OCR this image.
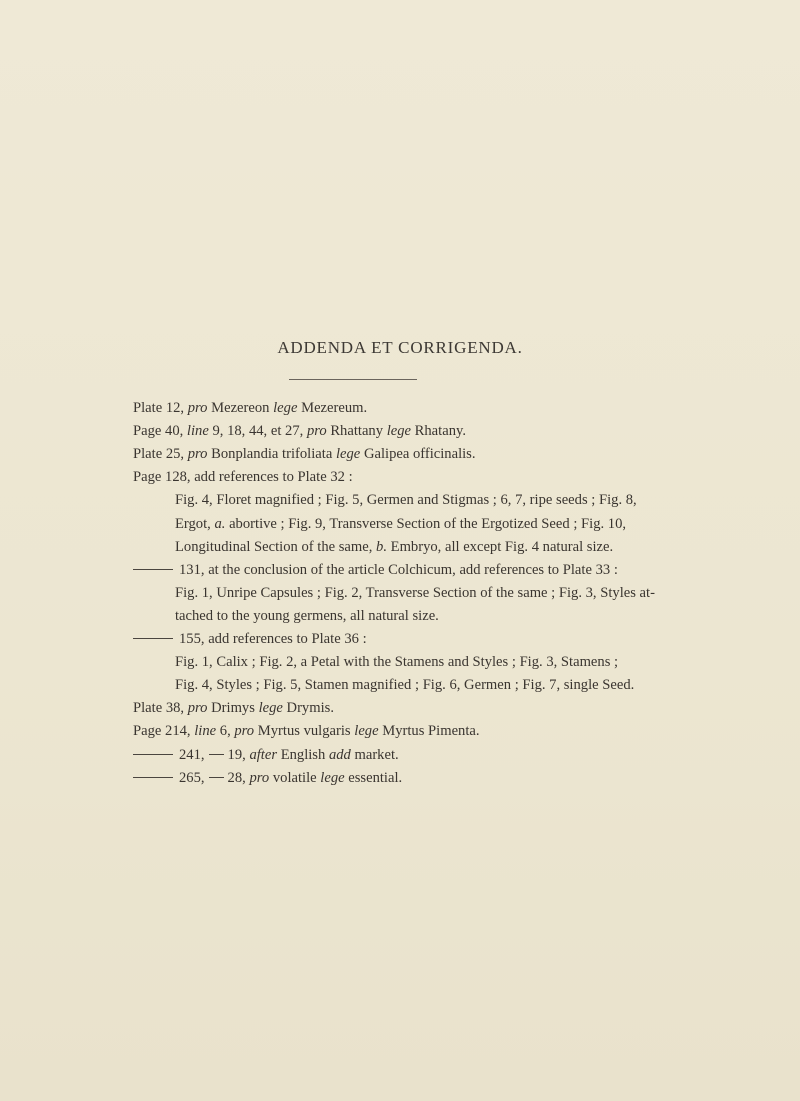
ADDENDA ET CORRIGENDA.
Plate 12, pro Mezereon lege Mezereum.
Page 40, line 9, 18, 44, et 27, pro Rhattany lege Rhatany.
Plate 25, pro Bonplandia trifoliata lege Galipea officinalis.
Page 128, add references to Plate 32 :
Fig. 4, Floret magnified ; Fig. 5, Germen and Stigmas ; 6, 7, ripe seeds ; Fig. 8,
Ergot, a. abortive ; Fig. 9, Transverse Section of the Ergotized Seed ; Fig. 10,
Longitudinal Section of the same, b. Embryo, all except Fig. 4 natural size.
131, at the conclusion of the article Colchicum, add references to Plate 33 :
Fig. 1, Unripe Capsules ; Fig. 2, Transverse Section of the same ; Fig. 3, Styles at-
tached to the young germens, all natural size.
155, add references to Plate 36 :
Fig. 1, Calix ; Fig. 2, a Petal with the Stamens and Styles ; Fig. 3, Stamens ;
Fig. 4, Styles ; Fig. 5, Stamen magnified ; Fig. 6, Germen ; Fig. 7, single Seed.
Plate 38, pro Drimys lege Drymis.
Page 214, line 6, pro Myrtus vulgaris lege Myrtus Pimenta.
241, 19, after English add market.
265, 28, pro volatile lege essential.
